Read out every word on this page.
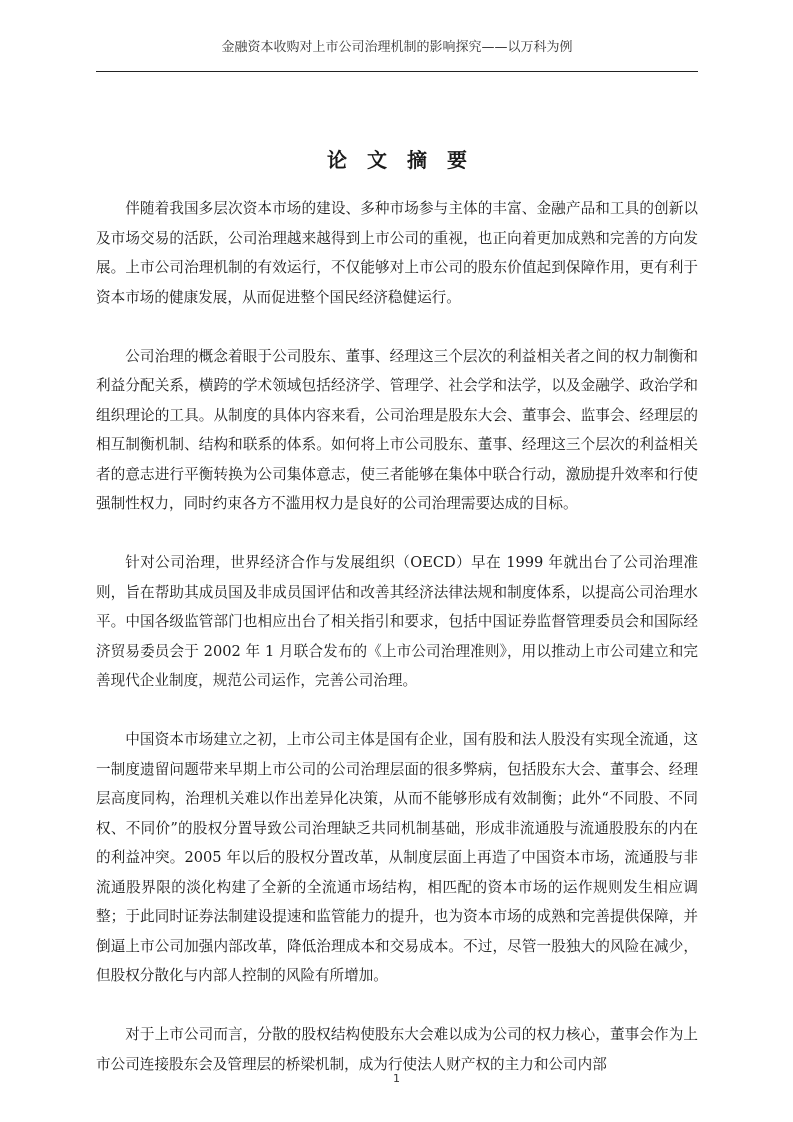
金融资本收购对上市公司治理机制的影响探究——以万科为例
论文摘要

伴随着我国多层次资本市场的建设、多种市场参与主体的丰富、金融产品和工具的创新以及市场交易的活跃，公司治理越来越得到上市公司的重视，也正向着更加成熟和完善的方向发展。上市公司治理机制的有效运行，不仅能够对上市公司的股东价值起到保障作用，更有利于资本市场的健康发展，从而促进整个国民经济稳健运行。

公司治理的概念着眼于公司股东、董事、经理这三个层次的利益相关者之间的权力制衡和利益分配关系，横跨的学术领域包括经济学、管理学、社会学和法学，以及金融学、政治学和组织理论的工具。从制度的具体内容来看，公司治理是股东大会、董事会、监事会、经理层的相互制衡机制、结构和联系的体系。如何将上市公司股东、董事、经理这三个层次的利益相关者的意志进行平衡转换为公司集体意志，使三者能够在集体中联合行动，激励提升效率和行使强制性权力，同时约束各方不滥用权力是良好的公司治理需要达成的目标。

针对公司治理，世界经济合作与发展组织（OECD）早在 1999 年就出台了公司治理准则，旨在帮助其成员国及非成员国评估和改善其经济法律法规和制度体系，以提高公司治理水平。中国各级监管部门也相应出台了相关指引和要求，包括中国证券监督管理委员会和国际经济贸易委员会于 2002 年 1 月联合发布的《上市公司治理准则》，用以推动上市公司建立和完善现代企业制度，规范公司运作，完善公司治理。

中国资本市场建立之初，上市公司主体是国有企业，国有股和法人股没有实现全流通，这一制度遗留问题带来早期上市公司的公司治理层面的很多弊病，包括股东大会、董事会、经理层高度同构，治理机关难以作出差异化决策，从而不能够形成有效制衡；此外“不同股、不同权、不同价”的股权分置导致公司治理缺乏共同机制基础，形成非流通股与流通股股东的内在的利益冲突。2005 年以后的股权分置改革，从制度层面上再造了中国资本市场，流通股与非流通股界限的淡化构建了全新的全流通市场结构，相匹配的资本市场的运作规则发生相应调整；于此同时证券法制建设提速和监管能力的提升，也为资本市场的成熟和完善提供保障，并倒逼上市公司加强内部改革，降低治理成本和交易成本。不过，尽管一股独大的风险在减少，但股权分散化与内部人控制的风险有所增加。

对于上市公司而言，分散的股权结构使股东大会难以成为公司的权力核心，董事会作为上市公司连接股东会及管理层的桥梁机制，成为行使法人财产权的主力和公司内部

1
